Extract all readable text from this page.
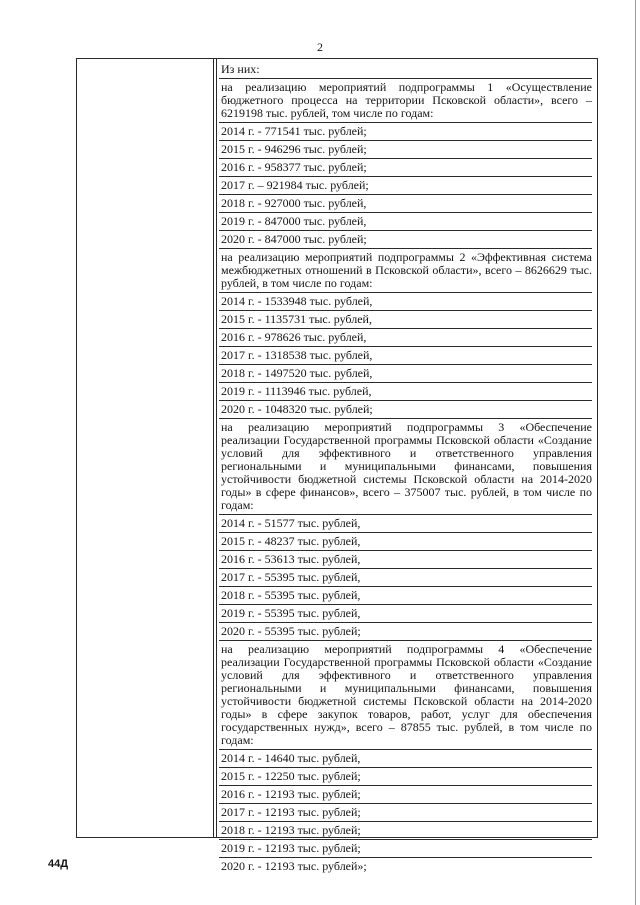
2
Из них:
на реализацию мероприятий подпрограммы 1 «Осуществление бюджетного процесса на территории Псковской области», всего – 6219198 тыс. рублей, том числе по годам:
2014 г. - 771541 тыс. рублей;
2015 г. - 946296 тыс. рублей;
2016 г. - 958377 тыс. рублей;
2017 г. – 921984 тыс. рублей;
2018 г. - 927000 тыс. рублей,
2019 г. - 847000 тыс. рублей,
2020 г. - 847000 тыс. рублей;
на реализацию мероприятий подпрограммы 2 «Эффективная система межбюджетных отношений в Псковской области», всего – 8626629 тыс. рублей, в том числе по годам:
2014 г. - 1533948 тыс. рублей,
2015 г. - 1135731 тыс. рублей,
2016 г. - 978626 тыс. рублей,
2017 г. - 1318538 тыс. рублей,
2018 г. - 1497520 тыс. рублей,
2019 г. - 1113946 тыс. рублей,
2020 г. - 1048320 тыс. рублей;
на реализацию мероприятий подпрограммы 3 «Обеспечение реализации Государственной программы Псковской области «Создание условий для эффективного и ответственного управления региональными и муниципальными финансами, повышения устойчивости бюджетной системы Псковской области на 2014-2020 годы» в сфере финансов», всего – 375007 тыс. рублей, в том числе по годам:
2014 г. - 51577 тыс. рублей,
2015 г. - 48237 тыс. рублей,
2016 г. - 53613 тыс. рублей,
2017 г. - 55395 тыс. рублей,
2018 г. - 55395 тыс. рублей,
2019 г. - 55395 тыс. рублей,
2020 г. - 55395 тыс. рублей;
на реализацию мероприятий подпрограммы 4 «Обеспечение реализации Государственной программы Псковской области «Создание условий для эффективного и ответственного управления региональными и муниципальными финансами, повышения устойчивости бюджетной системы Псковской области на 2014-2020 годы» в сфере закупок товаров, работ, услуг для обеспечения государственных нужд», всего – 87855 тыс. рублей, в том числе по годам:
2014 г. - 14640 тыс. рублей,
2015 г. - 12250 тыс. рублей;
2016 г. - 12193 тыс. рублей;
2017 г. - 12193 тыс. рублей;
2018 г. - 12193 тыс. рублей;
2019 г. - 12193 тыс. рублей;
2020 г. - 12193 тыс. рублей»;
44Д
